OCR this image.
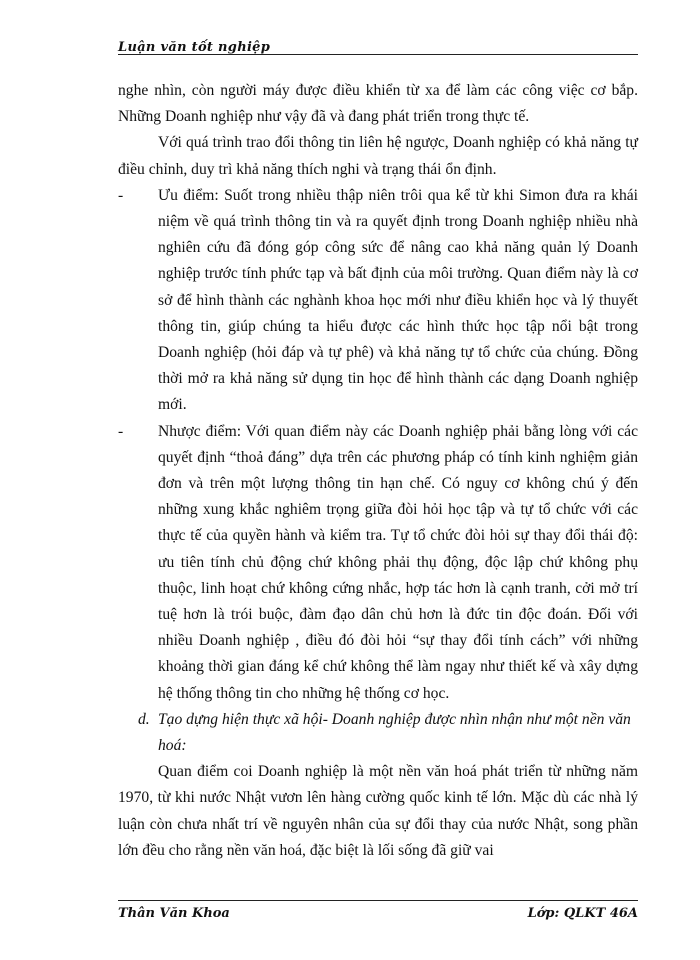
Luận văn tốt nghiệp

nghe nhìn, còn người máy được điều khiển từ xa để làm các công việc cơ bắp. Những Doanh nghiệp như vậy đã và đang phát triển trong thực tế.

Với quá trình trao đổi thông tin liên hệ ngược, Doanh nghiệp có khả năng tự điều chỉnh, duy trì khả năng thích nghi và trạng thái ổn định.

- Ưu điểm: Suốt trong nhiều thập niên trôi qua kể từ khi Simon đưa ra khái niệm về quá trình thông tin và ra quyết định trong Doanh nghiệp nhiều nhà nghiên cứu đã đóng góp công sức để nâng cao khả năng quản lý Doanh nghiệp trước tính phức tạp và bất định của môi trường. Quan điểm này là cơ sở để hình thành các nghành khoa học mới như điều khiển học và lý thuyết thông tin, giúp chúng ta hiểu được các hình thức học tập nổi bật trong Doanh nghiệp (hỏi đáp và tự phê) và khả năng tự tổ chức của chúng. Đồng thời mở ra khả năng sử dụng tin học để hình thành các dạng Doanh nghiệp mới.

- Nhược điểm: Với quan điểm này các Doanh nghiệp phải bằng lòng với các quyết định “thoả đáng” dựa trên các phương pháp có tính kinh nghiệm giản đơn và trên một lượng thông tin hạn chế. Có nguy cơ không chú ý đến những xung khắc nghiêm trọng giữa đòi hỏi học tập và tự tổ chức với các thực tế của quyền hành và kiểm tra. Tự tổ chức đòi hỏi sự thay đổi thái độ: ưu tiên tính chủ động chứ không phải thụ động, độc lập chứ không phụ thuộc, linh hoạt chứ không cứng nhắc, hợp tác hơn là cạnh tranh, cởi mở trí tuệ hơn là trói buộc, đàm đạo dân chủ hơn là đức tin độc đoán. Đối với nhiều Doanh nghiệp , điều đó đòi hỏi “sự thay đổi tính cách” với những khoảng thời gian đáng kể chứ không thể làm ngay như thiết kế và xây dựng hệ thống thông tin cho những hệ thống cơ học.

d. Tạo dựng hiện thực xã hội- Doanh nghiệp được nhìn nhận như một nền văn hoá:

Quan điểm coi Doanh nghiệp là một nền văn hoá phát triển từ những năm 1970, từ khi nước Nhật vươn lên hàng cường quốc kinh tế lớn. Mặc dù các nhà lý luận còn chưa nhất trí về nguyên nhân của sự đổi thay của nước Nhật, song phần lớn đều cho rằng nền văn hoá, đặc biệt là lối sống đã giữ vai

Thân Văn Khoa	Lớp: QLKT 46A
